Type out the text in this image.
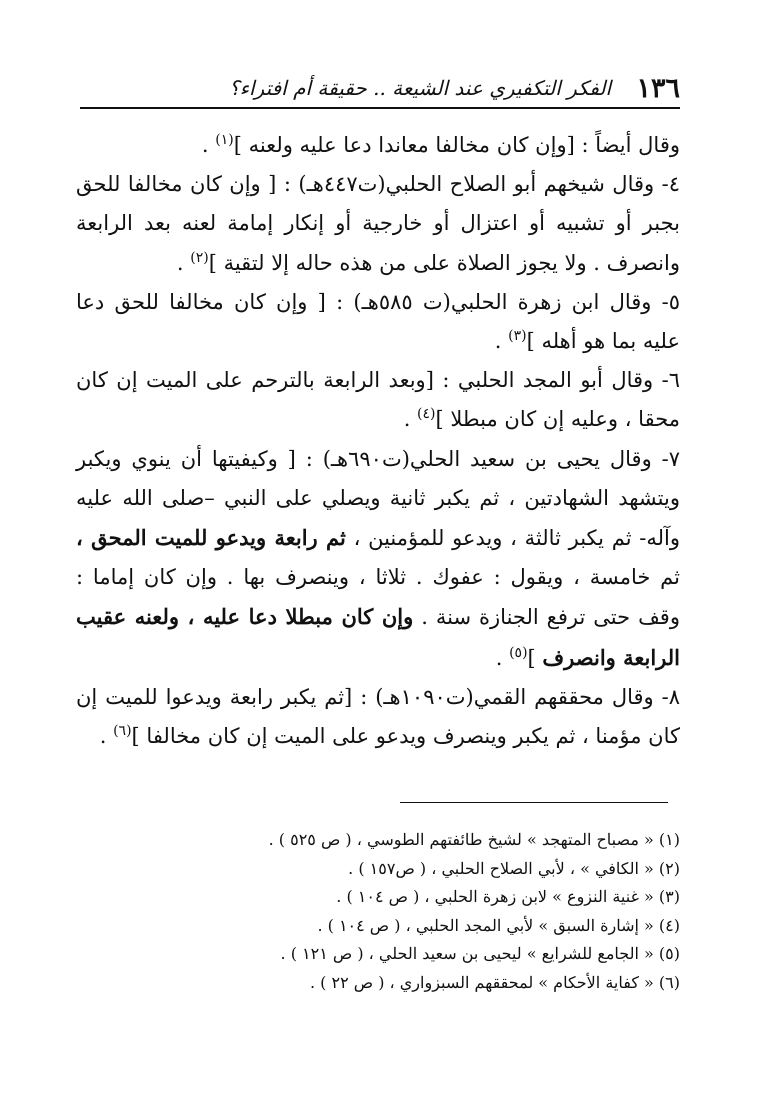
١٣٦
الفكر التكفيري عند الشيعة .. حقيقة أم افتراء؟

وقال أيضاً : [وإن كان مخالفا معاندا دعا عليه ولعنه ]$^{(١)}$ .

٤- وقال شيخهم أبو الصلاح الحلبي(ت٤٤٧هـ) : [ وإن كان مخالفا للحق بجبر أو تشبيه أو اعتزال أو خارجية أو إنكار إمامة لعنه بعد الرابعة وانصرف . ولا يجوز الصلاة على من هذه حاله إلا لتقية ]$^{(٢)}$ .

٥- وقال ابن زهرة الحلبي(ت ٥٨٥هـ) : [ وإن كان مخالفا للحق دعا عليه بما هو أهله ]$^{(٣)}$ .

٦- وقال أبو المجد الحلبي : [وبعد الرابعة بالترحم على الميت إن كان محقا ، وعليه إن كان مبطلا ]$^{(٤)}$ .

٧- وقال يحيى بن سعيد الحلي(ت٦٩٠هـ) : [ وكيفيتها أن ينوي ويكبر ويتشهد الشهادتين ، ثم يكبر ثانية ويصلي على النبي –صلى الله عليه وآله- ثم يكبر ثالثة ، ويدعو للمؤمنين ، ثم رابعة ويدعو للميت المحق ، ثم خامسة ، ويقول : عفوك . ثلاثا ، وينصرف بها . وإن كان إماما : وقف حتى ترفع الجنازة سنة . وإن كان مبطلا دعا عليه ، ولعنه عقيب الرابعة وانصرف ]$^{(٥)}$ .

٨- وقال محققهم القمي(ت١٠٩٠هـ) : [ثم يكبر رابعة ويدعوا للميت إن كان مؤمنا ، ثم يكبر وينصرف ويدعو على الميت إن كان مخالفا ]$^{(٦)}$ .

(١) « مصباح المتهجد » لشيخ طائفتهم الطوسي ، ( ص ٥٢٥ ) .
(٢) « الكافي » ، لأبي الصلاح الحلبي ، ( ص١٥٧ ) .
(٣) « غنية النزوع » لابن زهرة الحلبي ، ( ص ١٠٤ ) .
(٤) « إشارة السبق » لأبي المجد الحلبي ، ( ص ١٠٤ ) .
(٥) « الجامع للشرايع » ليحيى بن سعيد الحلي ، ( ص ١٢١ ) .
(٦) « كفاية الأحكام » لمحققهم السبزواري ، ( ص ٢٢ ) .
